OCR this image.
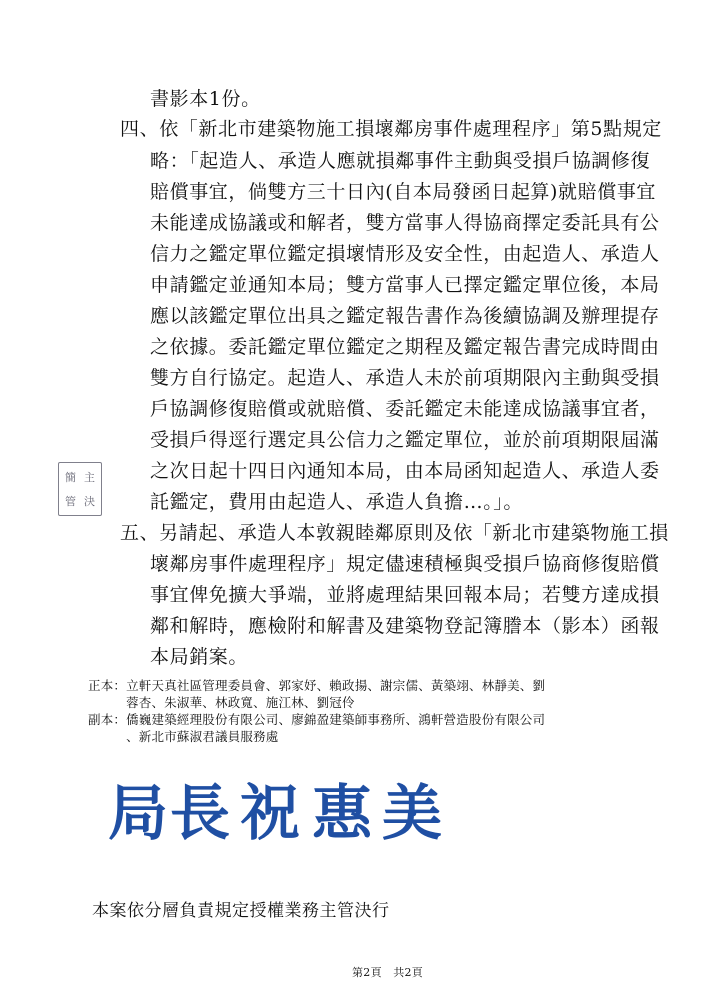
書影本1份。
四、依「新北市建築物施工損壞鄰房事件處理程序」第5點規定
略：「起造人、承造人應就損鄰事件主動與受損戶協調修復
賠償事宜，倘雙方三十日內(自本局發函日起算)就賠償事宜
未能達成協議或和解者，雙方當事人得協商擇定委託具有公
信力之鑑定單位鑑定損壞情形及安全性，由起造人、承造人
申請鑑定並通知本局；雙方當事人已擇定鑑定單位後，本局
應以該鑑定單位出具之鑑定報告書作為後續協調及辦理提存
之依據。委託鑑定單位鑑定之期程及鑑定報告書完成時間由
雙方自行協定。起造人、承造人未於前項期限內主動與受損
戶協調修復賠償或就賠償、委託鑑定未能達成協議事宜者，
受損戶得逕行選定具公信力之鑑定單位，並於前項期限屆滿
之次日起十四日內通知本局，由本局函知起造人、承造人委
託鑑定，費用由起造人、承造人負擔…。」。
簡 主
管 決
五、另請起、承造人本敦親睦鄰原則及依「新北市建築物施工損
壞鄰房事件處理程序」規定儘速積極與受損戶協商修復賠償
事宜俾免擴大爭端，並將處理結果回報本局；若雙方達成損
鄰和解時，應檢附和解書及建築物登記簿謄本（影本）函報
本局銷案。
正本：立軒天真社區管理委員會、郭家妤、賴政揚、謝宗儒、黃築翊、林靜美、劉
　　　蓉杏、朱淑華、林政寬、施江林、劉冠伶
副本：僑巍建築經理股份有限公司、廖錦盈建築師事務所、鴻軒營造股份有限公司
　　　、新北市蘇淑君議員服務處
局 長 祝 惠 美
本案依分層負責規定授權業務主管決行
第2頁　共2頁
